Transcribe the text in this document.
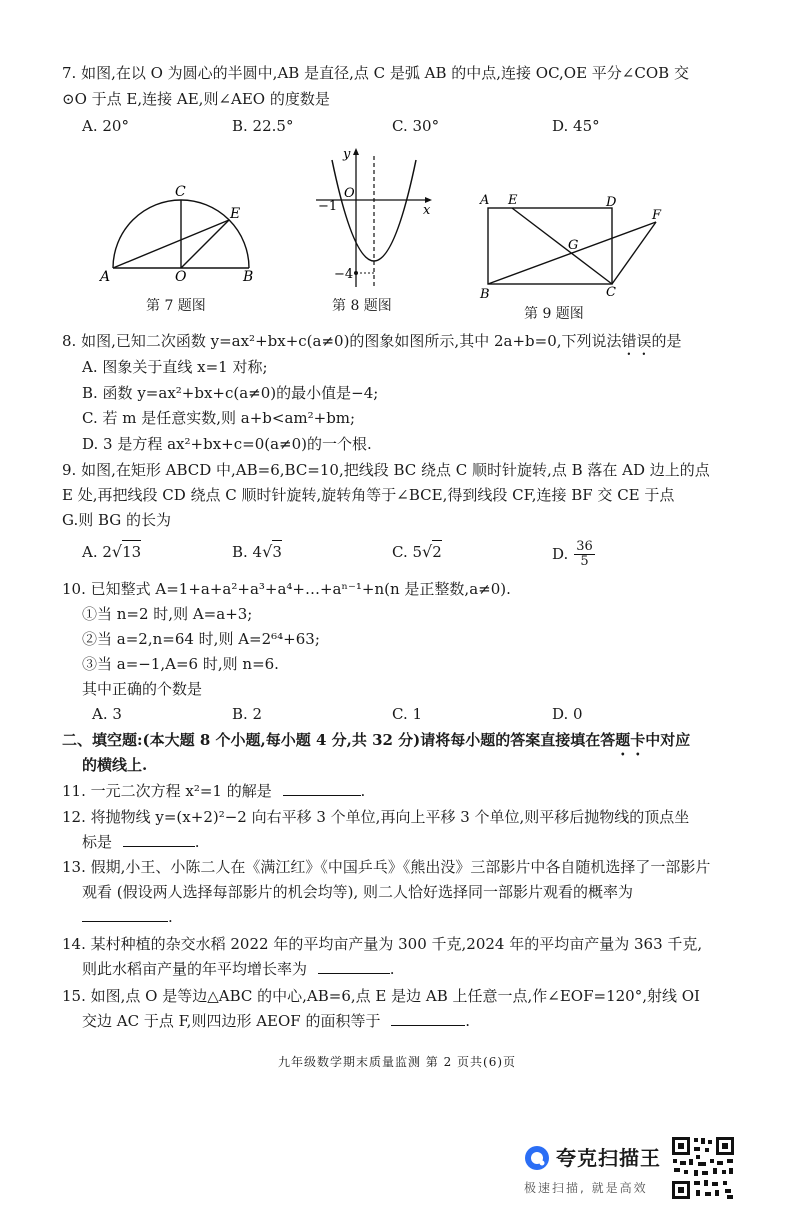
7. 如图,在以 O 为圆心的半圆中,AB 是直径,点 C 是弧 AB 的中点,连接 OC,OE 平分∠COB 交
⊙O 于点 E,连接 AE,则∠AEO 的度数是
A. 20°	B. 22.5°	C. 30°	D. 45°
A	O	B
C
E
第 7 题图
y
x
O
−1
−4
第 8 题图
A E	D
F
G
B	C
第 9 题图
8. 如图,已知二次函数 y=ax²+bx+c(a≠0)的图象如图所示,其中 2a+b=0,下列说法错误的是
A. 图象关于直线 x=1 对称;
B. 函数 y=ax²+bx+c(a≠0)的最小值是−4;
C. 若 m 是任意实数,则 a+b<am²+bm;
D. 3 是方程 ax²+bx+c=0(a≠0)的一个根.
9. 如图,在矩形 ABCD 中,AB=6,BC=10,把线段 BC 绕点 C 顺时针旋转,点 B 落在 AD 边上的点
E 处,再把线段 CD 绕点 C 顺时针旋转,旋转角等于∠BCE,得到线段 CF,连接 BF 交 CE 于点
G.则 BG 的长为
A. 2√13	B. 4√3	C. 5√2	D. $\frac{36}{5}$
10. 已知整式 A=1+a+a²+a³+a⁴+…+aⁿ⁻¹+n(n 是正整数,a≠0).
①当 n=2 时,则 A=a+3;
②当 a=2,n=64 时,则 A=2⁶⁴+63;
③当 a=−1,A=6 时,则 n=6.
其中正确的个数是
A. 3	B. 2	C. 1	D. 0
二、填空题:(本大题 8 个小题,每小题 4 分,共 32 分)请将每小题的答案直接填在答题卡中对应
的横线上.
11. 一元二次方程 x²=1 的解是	.
12. 将抛物线 y=(x+2)²−2 向右平移 3 个单位,再向上平移 3 个单位,则平移后抛物线的顶点坐
标是	.
13. 假期,小王、小陈二人在《满江红》《中国乒乓》《熊出没》三部影片中各自随机选择了一部影片
观看 (假设两人选择每部影片的机会均等), 则二人恰好选择同一部影片观看的概率为
.
14. 某村种植的杂交水稻 2022 年的平均亩产量为 300 千克,2024 年的平均亩产量为 363 千克,
则此水稻亩产量的年平均增长率为	.
15. 如图,点 O 是等边△ABC 的中心,AB=6,点 E 是边 AB 上任意一点,作∠EOF=120°,射线 OI
交边 AC 于点 F,则四边形 AEOF 的面积等于	.
九年级数学期末质量监测 第 2 页共(6)页
夸克扫描王
极速扫描, 就是高效
